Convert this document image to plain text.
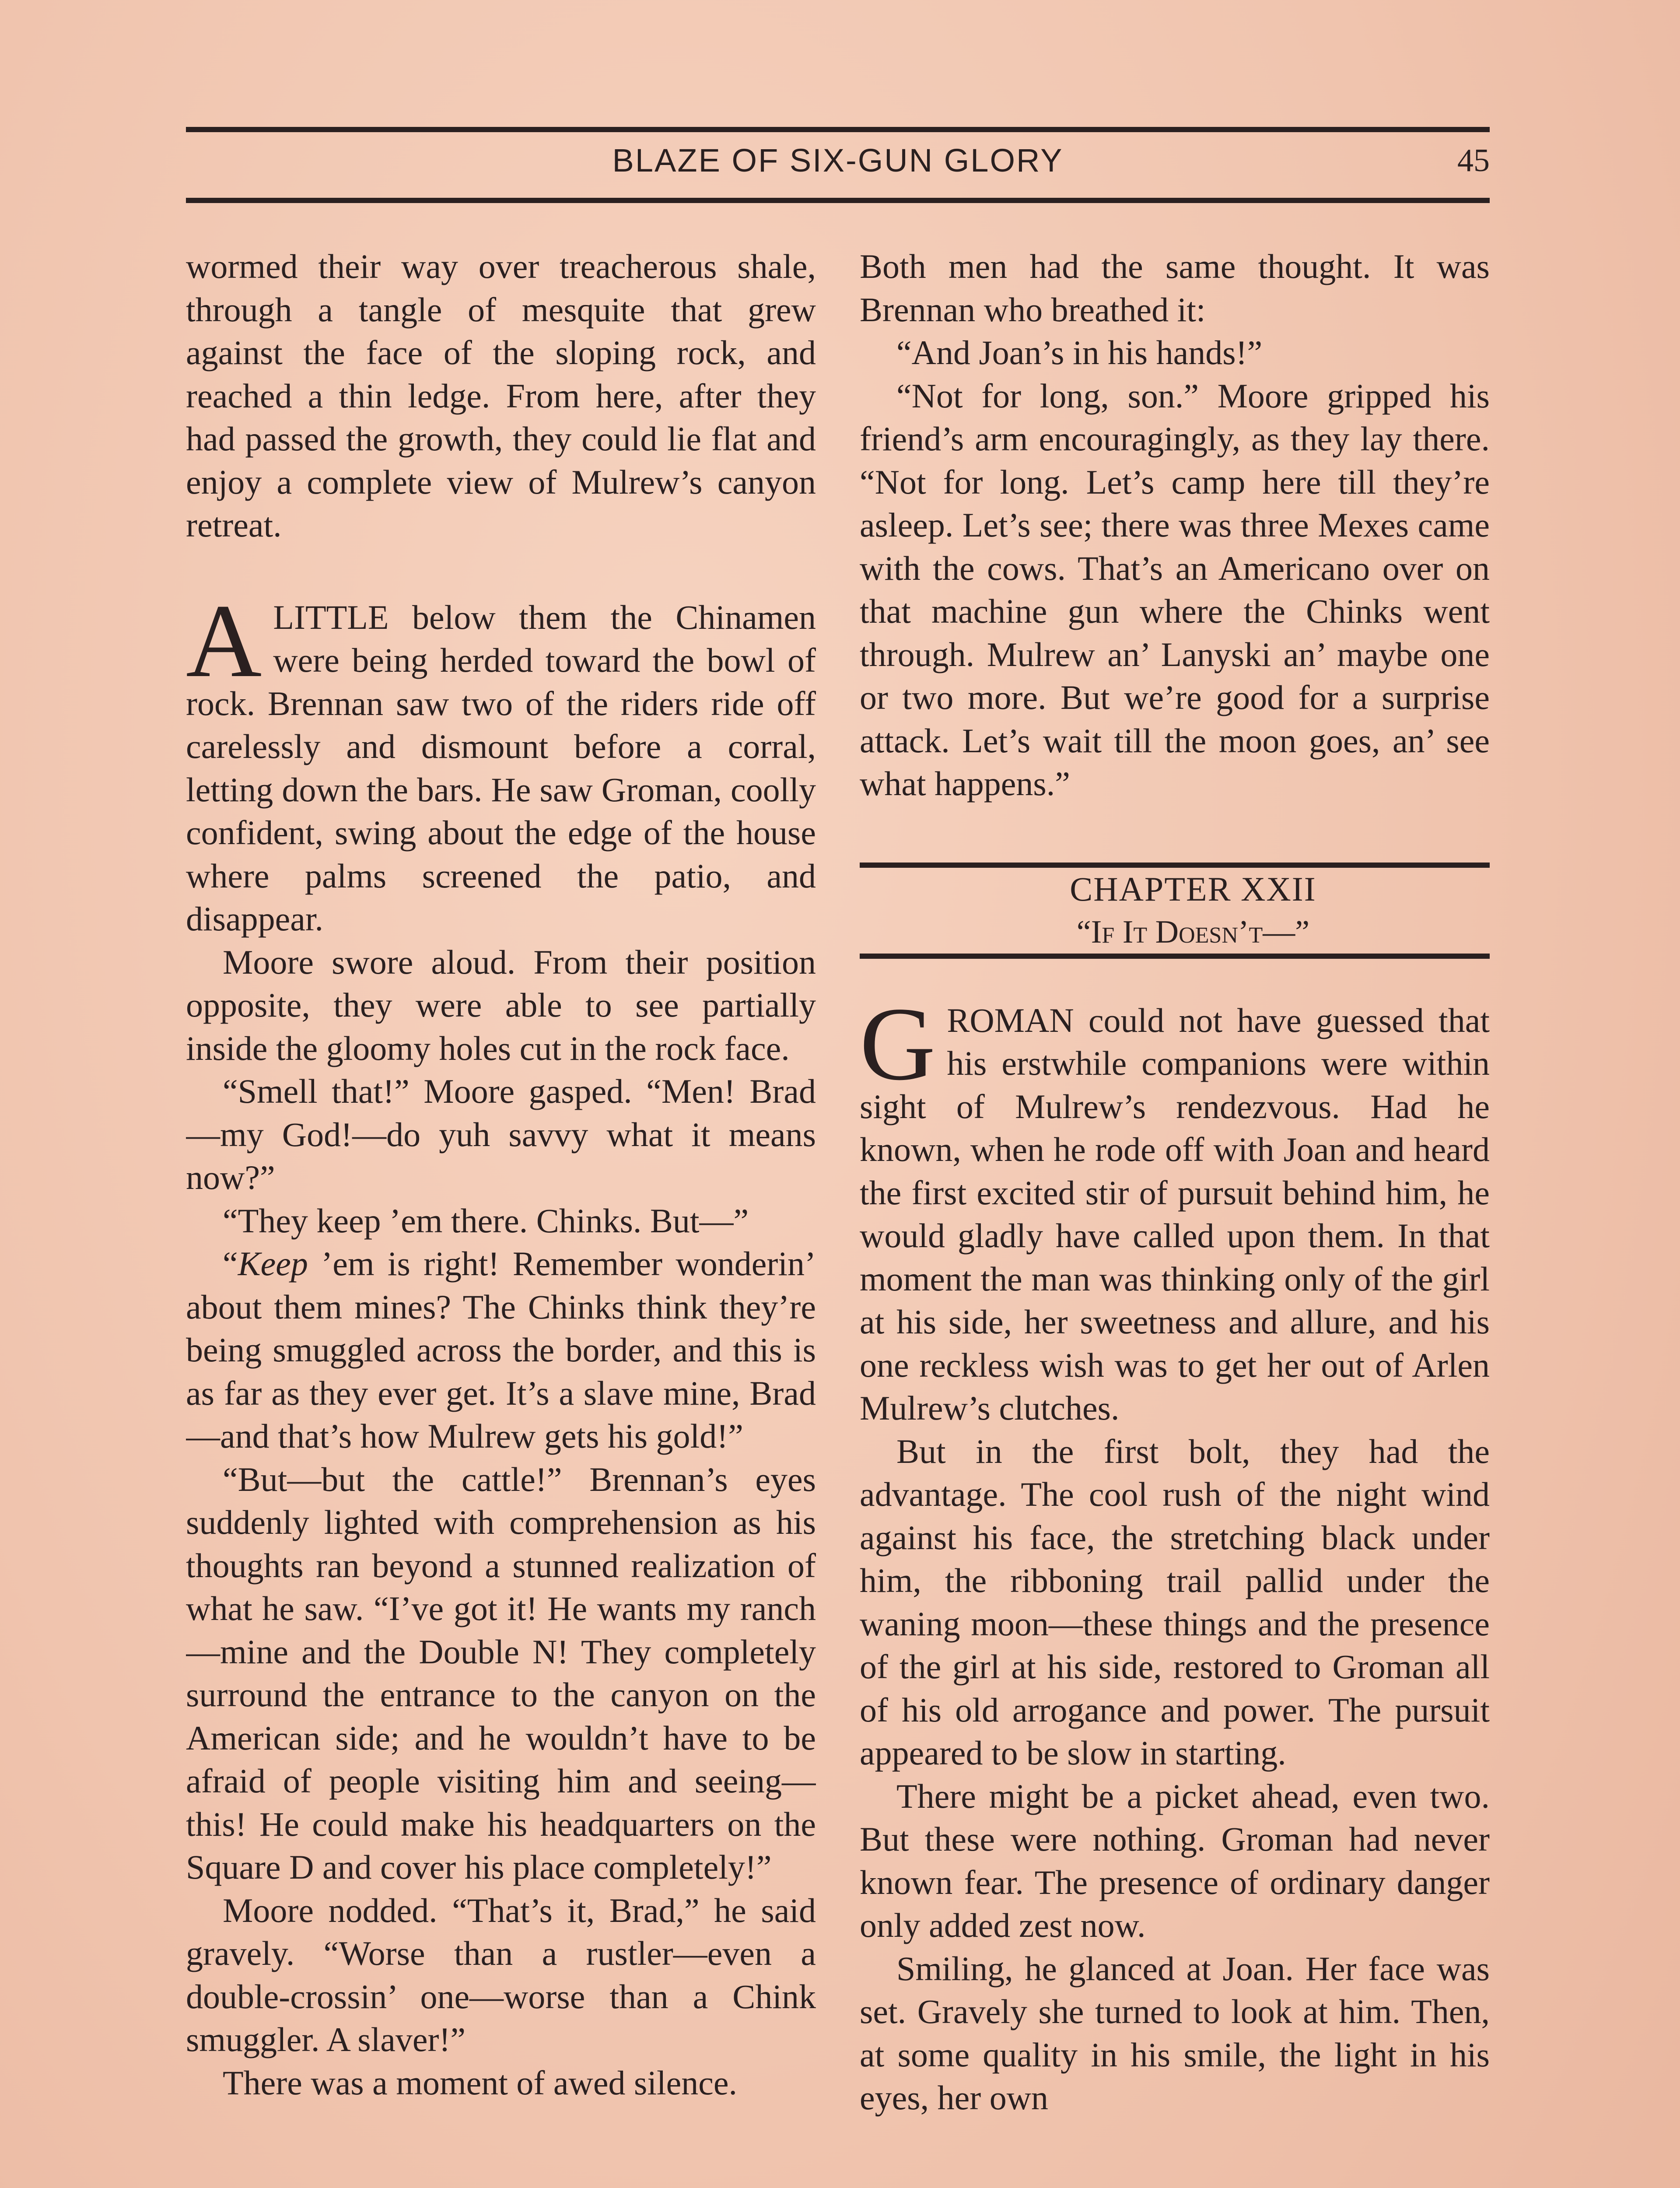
BLAZE OF SIX-GUN GLORY	45

wormed their way over treacherous shale, through a tangle of mesquite that grew against the face of the sloping rock, and reached a thin ledge. From here, after they had passed the growth, they could lie flat and enjoy a complete view of Mulrew’s canyon retreat.

ALITTLE below them the Chinamen were being herded toward the bowl of rock. Brennan saw two of the riders ride off carelessly and dismount before a corral, letting down the bars. He saw Groman, coolly confident, swing about the edge of the house where palms screened the patio, and disappear.

Moore swore aloud. From their position opposite, they were able to see partially inside the gloomy holes cut in the rock face.

“Smell that!” Moore gasped. “Men! Brad—my God!—do yuh savvy what it means now?”

“They keep ’em there. Chinks. But—”

“Keep ’em is right! Remember wonderin’ about them mines? The Chinks think they’re being smuggled across the border, and this is as far as they ever get. It’s a slave mine, Brad—and that’s how Mulrew gets his gold!”

“But—but the cattle!” Brennan’s eyes suddenly lighted with comprehension as his thoughts ran beyond a stunned realization of what he saw. “I’ve got it! He wants my ranch—mine and the Double N! They completely surround the entrance to the canyon on the American side; and he wouldn’t have to be afraid of people visiting him and seeing—this! He could make his headquarters on the Square D and cover his place completely!”

Moore nodded. “That’s it, Brad,” he said gravely. “Worse than a rustler—even a double-crossin’ one—worse than a Chink smuggler. A slaver!”

There was a moment of awed silence.

Both men had the same thought. It was Brennan who breathed it:

“And Joan’s in his hands!”

“Not for long, son.” Moore gripped his friend’s arm encouragingly, as they lay there. “Not for long. Let’s camp here till they’re asleep. Let’s see; there was three Mexes came with the cows. That’s an Americano over on that machine gun where the Chinks went through. Mulrew an’ Lanyski an’ maybe one or two more. But we’re good for a surprise attack. Let’s wait till the moon goes, an’ see what happens.”

CHAPTER XXII

“If It Doesn’t—”

GROMAN could not have guessed that his erstwhile companions were within sight of Mulrew’s rendezvous. Had he known, when he rode off with Joan and heard the first excited stir of pursuit behind him, he would gladly have called upon them. In that moment the man was thinking only of the girl at his side, her sweetness and allure, and his one reckless wish was to get her out of Arlen Mulrew’s clutches.

But in the first bolt, they had the advantage. The cool rush of the night wind against his face, the stretching black under him, the ribboning trail pallid under the waning moon—these things and the presence of the girl at his side, restored to Groman all of his old arrogance and power. The pursuit appeared to be slow in starting.

There might be a picket ahead, even two. But these were nothing. Groman had never known fear. The presence of ordinary danger only added zest now.

Smiling, he glanced at Joan. Her face was set. Gravely she turned to look at him. Then, at some quality in his smile, the light in his eyes, her own
